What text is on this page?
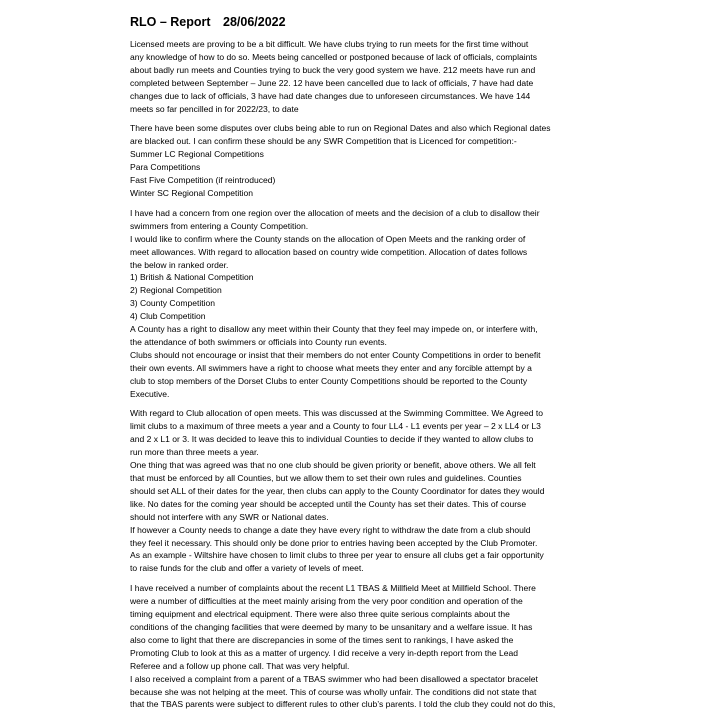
RLO – Report 28/06/2022
Licensed meets are proving to be a bit difficult. We have clubs trying to run meets for the first time without
any knowledge of how to do so. Meets being cancelled or postponed because of lack of officials, complaints
about badly run meets and Counties trying to buck the very good system we have. 212 meets have run and
completed between September – June 22. 12 have been cancelled due to lack of officials, 7 have had date
changes due to lack of officials, 3 have had date changes due to unforeseen circumstances. We have 144
meets so far pencilled in for 2022/23, to date
There have been some disputes over clubs being able to run on Regional Dates and also which Regional dates
are blacked out. I can confirm these should be any SWR Competition that is Licenced for competition:-
Summer LC Regional Competitions
Para Competitions
Fast Five Competition (if reintroduced)
Winter SC Regional Competition
I have had a concern from one region over the allocation of meets and the decision of a club to disallow their
swimmers from entering a County Competition.
I would like to confirm where the County stands on the allocation of Open Meets and the ranking order of
meet allowances. With regard to allocation based on country wide competition. Allocation of dates follows
the below in ranked order.
1) British & National Competition
2) Regional Competition
3) County Competition
4) Club Competition
A County has a right to disallow any meet within their County that they feel may impede on, or interfere with,
the attendance of both swimmers or officials into County run events.
Clubs should not encourage or insist that their members do not enter County Competitions in order to benefit
their own events. All swimmers have a right to choose what meets they enter and any forcible attempt by a
club to stop members of the Dorset Clubs to enter County Competitions should be reported to the County
Executive.
With regard to Club allocation of open meets. This was discussed at the Swimming Committee. We Agreed to
limit clubs to a maximum of three meets a year and a County to four LL4 - L1 events per year – 2 x LL4 or L3
and 2 x L1 or 3. It was decided to leave this to individual Counties to decide if they wanted to allow clubs to
run more than three meets a year.
One thing that was agreed was that no one club should be given priority or benefit, above others. We all felt
that must be enforced by all Counties, but we allow them to set their own rules and guidelines. Counties
should set ALL of their dates for the year, then clubs can apply to the County Coordinator for dates they would
like. No dates for the coming year should be accepted until the County has set their dates. This of course
should not interfere with any SWR or National dates.
If however a County needs to change a date they have every right to withdraw the date from a club should
they feel it necessary. This should only be done prior to entries having been accepted by the Club Promoter.
As an example - Wiltshire have chosen to limit clubs to three per year to ensure all clubs get a fair opportunity
to raise funds for the club and offer a variety of levels of meet.
I have received a number of complaints about the recent L1 TBAS & Millfield Meet at Millfield School. There
were a number of difficulties at the meet mainly arising from the very poor condition and operation of the
timing equipment and electrical equipment. There were also three quite serious complaints about the
conditions of the changing facilities that were deemed by many to be unsanitary and a welfare issue. It has
also come to light that there are discrepancies in some of the times sent to rankings, I have asked the
Promoting Club to look at this as a matter of urgency. I did receive a very in-depth report from the Lead
Referee and a follow up phone call. That was very helpful.
I also received a complaint from a parent of a TBAS swimmer who had been disallowed a spectator bracelet
because she was not helping at the meet. This of course was wholly unfair. The conditions did not state that
that the TBAS parents were subject to different rules to other club’s parents. I told the club they could not do this,
